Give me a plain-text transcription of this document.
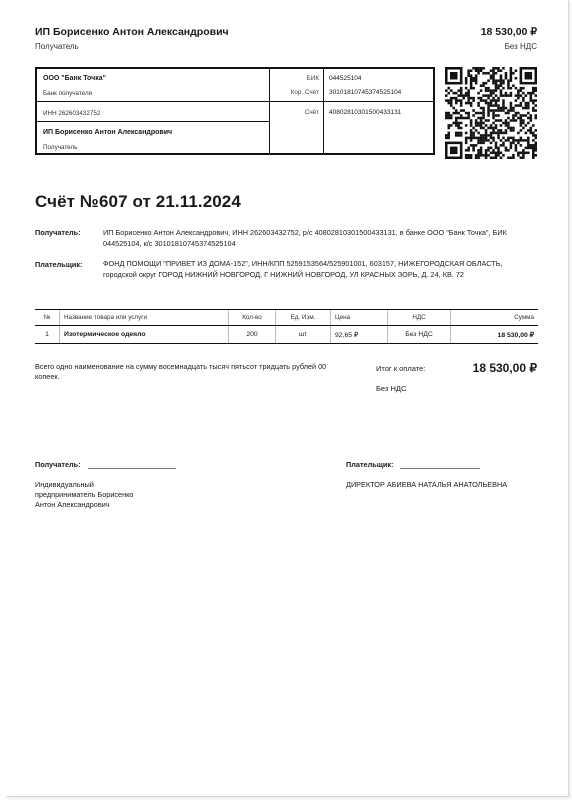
ИП Борисенко Антон Александрович
Получатель
18 530,00 ₽
Без НДС
ООО "Банк Точка"
Банк получателя
БИК 044525104
Кор. Счёт 30101810745374525104
ИНН 262603432752	Счёт 40802810301500433131
ИП Борисенко Антон Александрович
Получатель
Счёт №607 от 21.11.2024
Получатель:	ИП Борисенко Антон Александрович, ИНН 262603432752, р/с 40802810301500433131, в банке ООО "Банк Точка", БИК 044525104, к/с 30101810745374525104
Плательщик:	ФОНД ПОМОЩИ "ПРИВЕТ ИЗ ДОМА-152", ИНН/КПП 5259153564/525901001, 603157, НИЖЕГОРОДСКАЯ ОБЛАСТЬ, городской округ ГОРОД НИЖНИЙ НОВГОРОД, Г НИЖНИЙ НОВГОРОД, УЛ КРАСНЫХ ЗОРЬ, Д. 24, КВ. 72
№	Название товара или услуги	Кол-во	Ед. Изм.	Цена	НДС	Сумма
1	Изотермическое одеяло	200	шт	92,65 ₽	Без НДС	18 530,00 ₽
Всего одно наименование на сумму восемнадцать тысяч пятьсот тридцать рублей 00 копеек.
Итог к оплате:	18 530,00 ₽
Без НДС
Получатель:
Индивидуальный
предприниматель Борисенко
Антон Александрович
Плательщик:
ДИРЕКТОР АБИЕВА НАТАЛЬЯ АНАТОЛЬЕВНА
